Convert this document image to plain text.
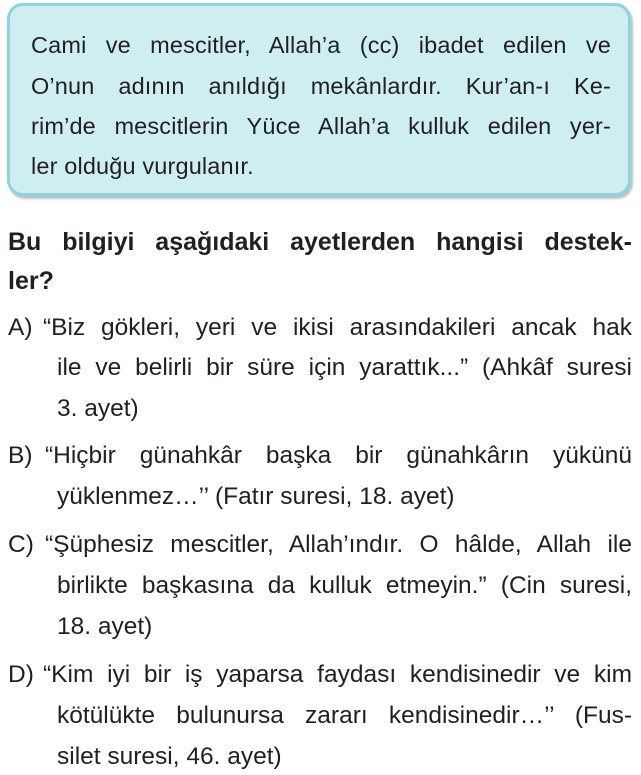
Cami ve mescitler, Allah’a (cc) ibadet edilen ve
O’nun adının anıldığı mekânlardır. Kur’an-ı Ke-
rim’de mescitlerin Yüce Allah’a kulluk edilen yer-
ler olduğu vurgulanır.
Bu bilgiyi aşağıdaki ayetlerden hangisi destek-
ler?
A) “Biz gökleri, yeri ve ikisi arasındakileri ancak hak
ile ve belirli bir süre için yarattık...” (Ahkâf suresi
3. ayet)
B) “Hiçbir günahkâr başka bir günahkârın yükünü
yüklenmez…’’ (Fatır suresi, 18. ayet)
C) “Şüphesiz mescitler, Allah’ındır. O hâlde, Allah ile
birlikte başkasına da kulluk etmeyin.” (Cin suresi,
18. ayet)
D) “Kim iyi bir iş yaparsa faydası kendisinedir ve kim
kötülükte bulunursa zararı kendisinedir…’’ (Fus-
silet suresi, 46. ayet)
